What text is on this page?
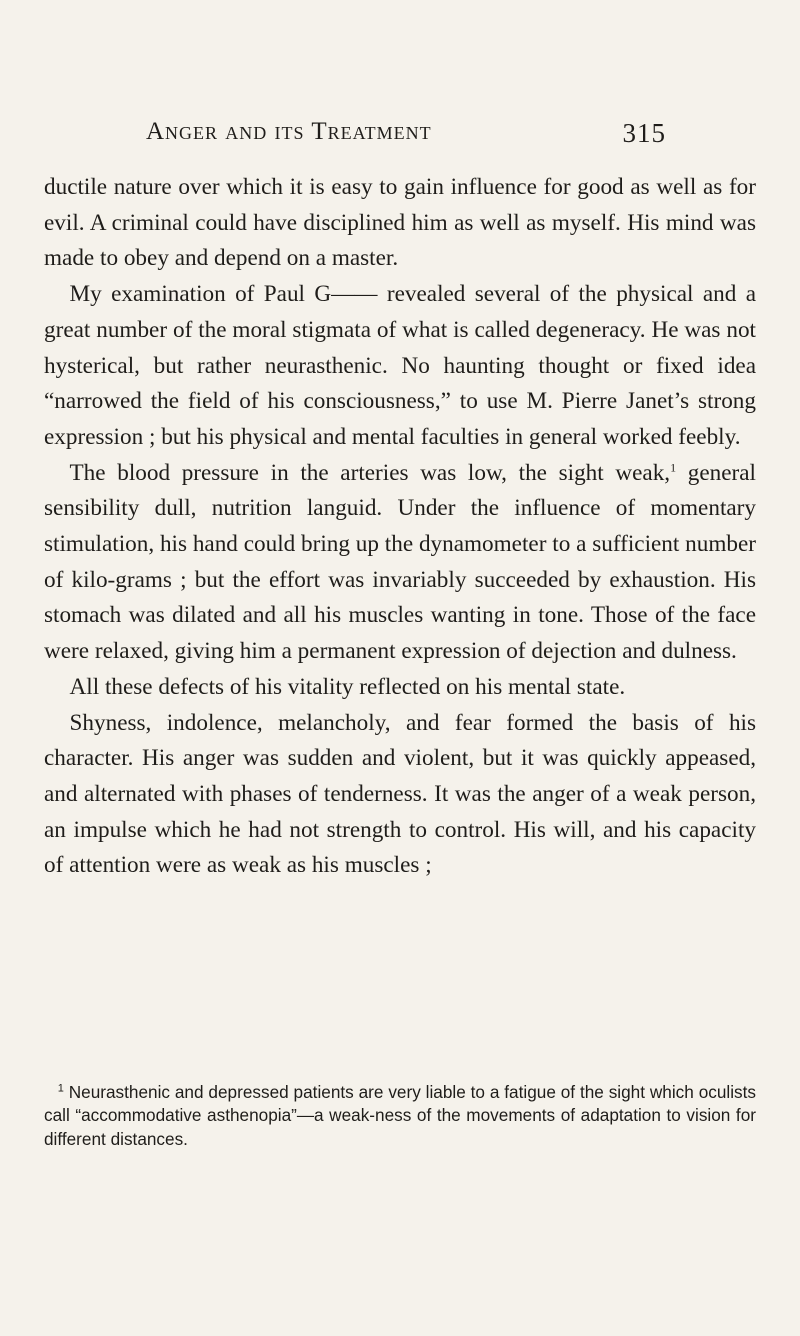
Anger and its Treatment	315

ductile nature over which it is easy to gain influence for good as well as for evil. A criminal could have disciplined him as well as myself. His mind was made to obey and depend on a master.

My examination of Paul G—— revealed several of the physical and a great number of the moral stigmata of what is called degeneracy. He was not hysterical, but rather neurasthenic. No haunting thought or fixed idea “narrowed the field of his consciousness,” to use M. Pierre Janet’s strong expression ; but his physical and mental faculties in general worked feebly.

The blood pressure in the arteries was low, the sight weak,$^1$ general sensibility dull, nutrition languid. Under the influence of momentary stimulation, his hand could bring up the dynamometer to a sufficient number of kilo-grams ; but the effort was invariably succeeded by exhaustion. His stomach was dilated and all his muscles wanting in tone. Those of the face were relaxed, giving him a permanent expression of dejection and dulness.

All these defects of his vitality reflected on his mental state.

Shyness, indolence, melancholy, and fear formed the basis of his character. His anger was sudden and violent, but it was quickly appeased, and alternated with phases of tenderness. It was the anger of a weak person, an impulse which he had not strength to control. His will, and his capacity of attention were as weak as his muscles ;

$^1$ Neurasthenic and depressed patients are very liable to a fatigue of the sight which oculists call “accommodative asthenopia”—a weak-ness of the movements of adaptation to vision for different distances.
